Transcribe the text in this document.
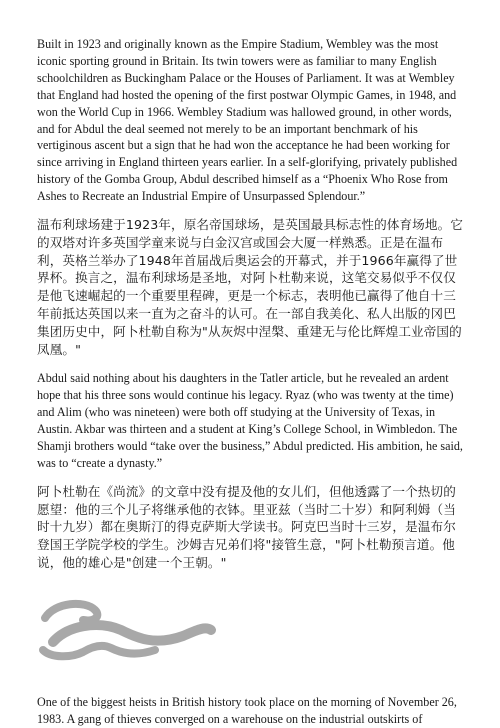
Built in 1923 and originally known as the Empire Stadium, Wembley was the most iconic sporting ground in Britain. Its twin towers were as familiar to many English schoolchildren as Buckingham Palace or the Houses of Parliament. It was at Wembley that England had hosted the opening of the first postwar Olympic Games, in 1948, and won the World Cup in 1966. Wembley Stadium was hallowed ground, in other words, and for Abdul the deal seemed not merely to be an important benchmark of his vertiginous ascent but a sign that he had won the acceptance he had been working for since arriving in England thirteen years earlier. In a self-glorifying, privately published history of the Gomba Group, Abdul described himself as a “Phoenix Who Rose from Ashes to Recreate an Industrial Empire of Unsurpassed Splendour.”

温布利球场建于1923年，原名帝国球场，是英国最具标志性的体育场地。它的双塔对许多英国学童来说与白金汉宫或国会大厦一样熟悉。正是在温布利，英格兰举办了1948年首届战后奥运会的开幕式，并于1966年赢得了世界杯。换言之，温布利球场是圣地，对阿卜杜勒来说，这笔交易似乎不仅仅是他飞速崛起的一个重要里程碑，更是一个标志，表明他已赢得了他自十三年前抵达英国以来一直为之奋斗的认可。在一部自我美化、私人出版的冈巴集团历史中，阿卜杜勒自称为"从灰烬中涅槃、重建无与伦比辉煌工业帝国的凤凰。"

Abdul said nothing about his daughters in the Tatler article, but he revealed an ardent hope that his three sons would continue his legacy. Ryaz (who was twenty at the time) and Alim (who was nineteen) were both off studying at the University of Texas, in Austin. Akbar was thirteen and a student at King’s College School, in Wimbledon. The Shamji brothers would “take over the business,” Abdul predicted. His ambition, he said, was to “create a dynasty.”

阿卜杜勒在《尚流》的文章中没有提及他的女儿们，但他透露了一个热切的愿望：他的三个儿子将继承他的衣钵。里亚兹（当时二十岁）和阿利姆（当时十九岁）都在奥斯汀的得克萨斯大学读书。阿克巴当时十三岁，是温布尔登国王学院学校的学生。沙姆吉兄弟们将"接管生意，"阿卜杜勒预言道。他说，他的雄心是"创建一个王朝。"

One of the biggest heists in British history took place on the morning of November 26, 1983. A gang of thieves converged on a warehouse on the industrial outskirts of
